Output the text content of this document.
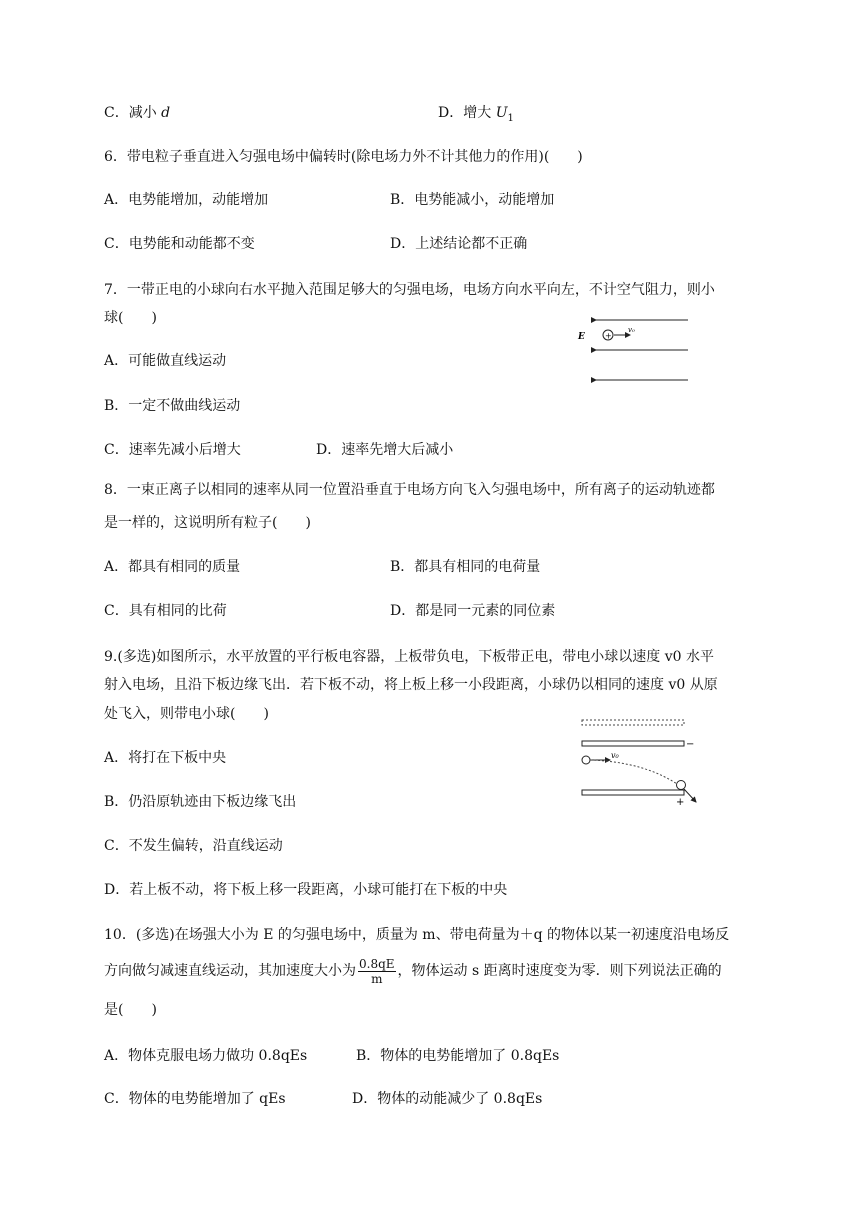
C．减小 d	D．增大 $U_1$
6．带电粒子垂直进入匀强电场中偏转时(除电场力外不计其他力的作用)(　　)
A．电势能增加，动能增加	B．电势能减小，动能增加
C．电势能和动能都不变	D．上述结论都不正确
7．一带正电的小球向右水平抛入范围足够大的匀强电场，电场方向水平向左，不计空气阻力，则小
球(　　)
A．可能做直线运动
B．一定不做曲线运动
C．速率先减小后增大	D．速率先增大后减小
E	+
v₀
8．一束正离子以相同的速率从同一位置沿垂直于电场方向飞入匀强电场中，所有离子的运动轨迹都
是一样的，这说明所有粒子(　　)
A．都具有相同的质量	B．都具有相同的电荷量
C．具有相同的比荷	D．都是同一元素的同位素
9.(多选)如图所示，水平放置的平行板电容器，上板带负电，下板带正电，带电小球以速度 v0 水平
射入电场，且沿下板边缘飞出．若下板不动，将上板上移一小段距离，小球仍以相同的速度 v0 从原
处飞入，则带电小球(　　)
A．将打在下板中央
B．仍沿原轨迹由下板边缘飞出
C．不发生偏转，沿直线运动
D．若上板不动，将下板上移一段距离，小球可能打在下板的中央
−
+
v₀
10．(多选)在场强大小为 E 的匀强电场中，质量为 m、带电荷量为＋q 的物体以某一初速度沿电场反
方向做匀减速直线运动，其加速度大小为 $\frac{0.8qE}{m}$ ，物体运动 s 距离时速度变为零．则下列说法正确的
是(　　)
A．物体克服电场力做功 0.8qEs	B．物体的电势能增加了 0.8qEs
C．物体的电势能增加了 qEs	D．物体的动能减少了 0.8qEs
